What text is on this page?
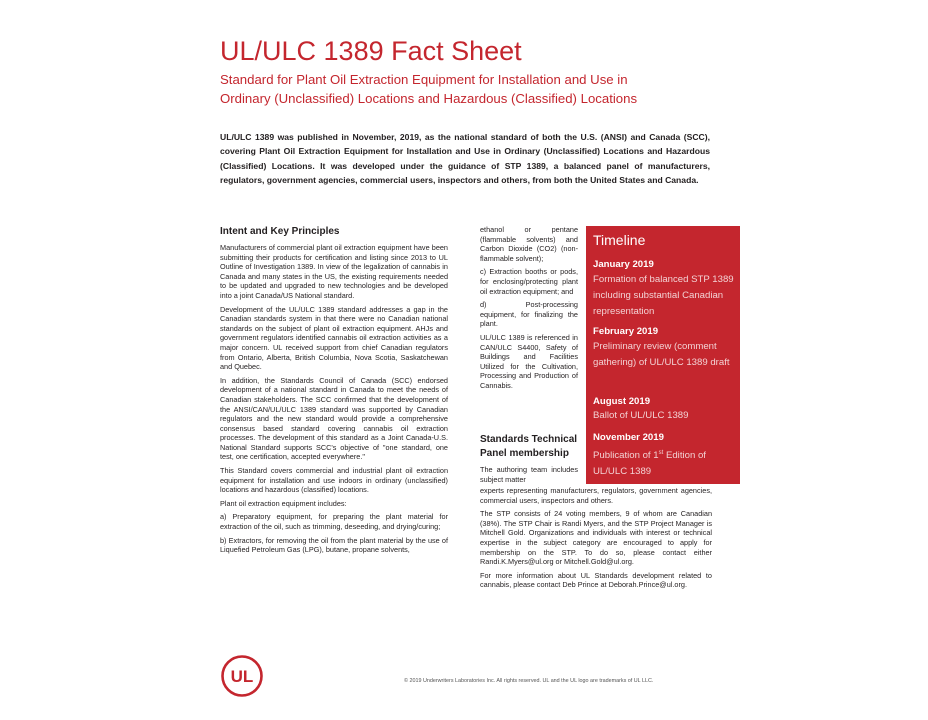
UL/ULC 1389 Fact Sheet
Standard for Plant Oil Extraction Equipment for Installation and Use in
Ordinary (Unclassified) Locations and Hazardous (Classified) Locations
UL/ULC 1389 was published in November, 2019, as the national standard of both the U.S. (ANSI) and Canada (SCC), covering Plant Oil Extraction Equipment for Installation and Use in Ordinary (Unclassified) Locations and Hazardous (Classified) Locations. It was developed under the guidance of STP 1389, a balanced panel of manufacturers, regulators, government agencies, commercial users, inspectors and others, from both the United States and Canada.
Intent and Key Principles

Manufacturers of commercial plant oil extraction equipment have been submitting their products for certification and listing since 2013 to UL Outline of Investigation 1389. In view of the legalization of cannabis in Canada and many states in the US, the existing requirements needed to be updated and upgraded to new technologies and be developed into a joint Canada/US National standard.

Development of the UL/ULC 1389 standard addresses a gap in the Canadian standards system in that there were no Canadian national standards on the subject of plant oil extraction equipment. AHJs and government regulators identified cannabis oil extraction activities as a major concern. UL received support from chief Canadian regulators from Ontario, Alberta, British Columbia, Nova Scotia, Saskatchewan and Quebec.

In addition, the Standards Council of Canada (SCC) endorsed development of a national standard in Canada to meet the needs of Canadian stakeholders. The SCC confirmed that the development of the ANSI/CAN/UL/ULC 1389 standard was supported by Canadian regulators and the new standard would provide a comprehensive consensus based standard covering cannabis oil extraction processes. The development of this standard as a Joint Canada-U.S. National Standard supports SCC's objective of "one standard, one test, one certification, accepted everywhere."

This Standard covers commercial and industrial plant oil extraction equipment for installation and use indoors in ordinary (unclassified) locations and hazardous (classified) locations.

Plant oil extraction equipment includes:

a) Preparatory equipment, for preparing the plant material for extraction of the oil, such as trimming, deseeding, and drying/curing;

b) Extractors, for removing the oil from the plant material by the use of Liquefied Petroleum Gas (LPG), butane, propane solvents,

ethanol or pentane (flammable solvents) and Carbon Dioxide (CO2) (non-flammable solvent);

c) Extraction booths or pods, for enclosing/protecting plant oil extraction equipment; and

d) Post-processing equipment, for finalizing the plant.

UL/ULC 1389 is referenced in CAN/ULC S4400, Safety of Buildings and Facilities Utilized for the Cultivation, Processing and Production of Cannabis.

Standards Technical
Panel membership
The authoring team includes subject matter

experts representing manufacturers, regulators, government agencies, commercial users, inspectors and others.

The STP consists of 24 voting members, 9 of whom are Canadian (38%). The STP Chair is Randi Myers, and the STP Project Manager is Mitchell Gold. Organizations and individuals with interest or technical expertise in the subject category are encouraged to apply for membership on the STP. To do so, please contact either Randi.K.Myers@ul.org or Mitchell.Gold@ul.org.

For more information about UL Standards development related to cannabis, please contact Deb Prince at Deborah.Prince@ul.org.

Timeline
January 2019
Formation of balanced STP 1389 including substantial Canadian representation
February 2019
Preliminary review (comment gathering) of UL/ULC 1389 draft
August 2019
Ballot of UL/ULC 1389
November 2019
Publication of 1st Edition of UL/ULC 1389
UL	© 2019 Underwriters Laboratories Inc. All rights reserved. UL and the UL logo are trademarks of UL LLC.
